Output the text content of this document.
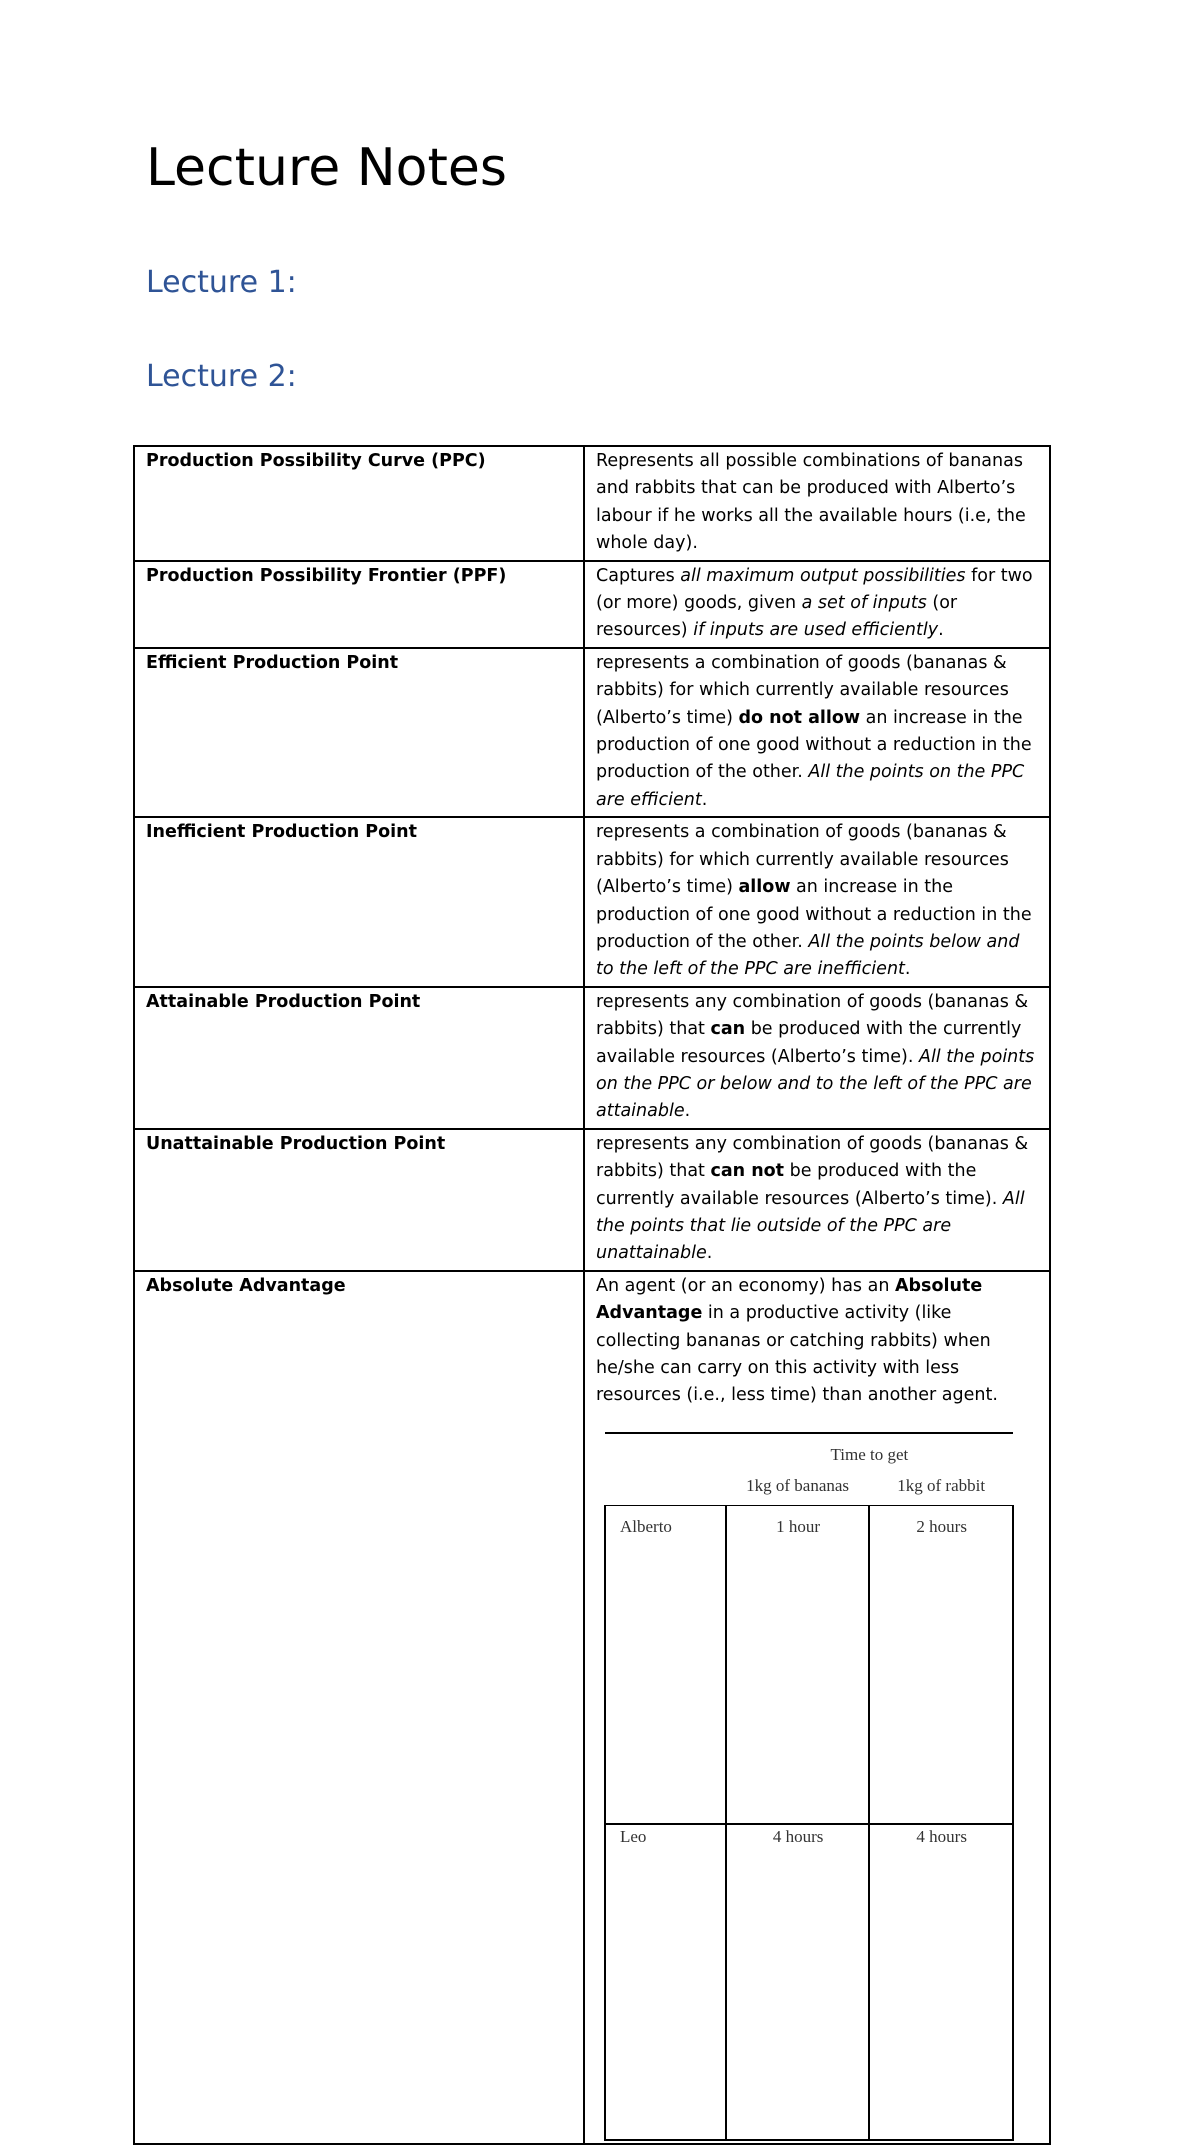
Lecture Notes
Lecture 1:
Lecture 2:
Production Possibility Curve (PPC)	Represents all possible combinations of bananas and rabbits that can be produced with Alberto’s labour if he works all the available hours (i.e, the whole day).
Production Possibility Frontier (PPF)	Captures all maximum output possibilities for two (or more) goods, given a set of inputs (or resources) if inputs are used efficiently.
Efficient Production Point	represents a combination of goods (bananas & rabbits) for which currently available resources (Alberto’s time) do not allow an increase in the production of one good without a reduction in the production of the other. All the points on the PPC are efficient.
Inefficient Production Point	represents a combination of goods (bananas & rabbits) for which currently available resources (Alberto’s time) allow an increase in the production of one good without a reduction in the production of the other. All the points below and to the left of the PPC are inefficient.
Attainable Production Point	represents any combination of goods (bananas & rabbits) that can be produced with the currently available resources (Alberto’s time). All the points on the PPC or below and to the left of the PPC are attainable.
Unattainable Production Point	represents any combination of goods (bananas & rabbits) that can not be produced with the currently available resources (Alberto’s time). All the points that lie outside of the PPC are unattainable.
Absolute Advantage	An agent (or an economy) has an Absolute Advantage in a productive activity (like collecting bananas or catching rabbits) when he/she can carry on this activity with less resources (i.e., less time) than another agent.
	Time to get
	1kg of bananas	1kg of rabbit
Alberto	1 hour	2 hours
Leo	4 hours	4 hours
